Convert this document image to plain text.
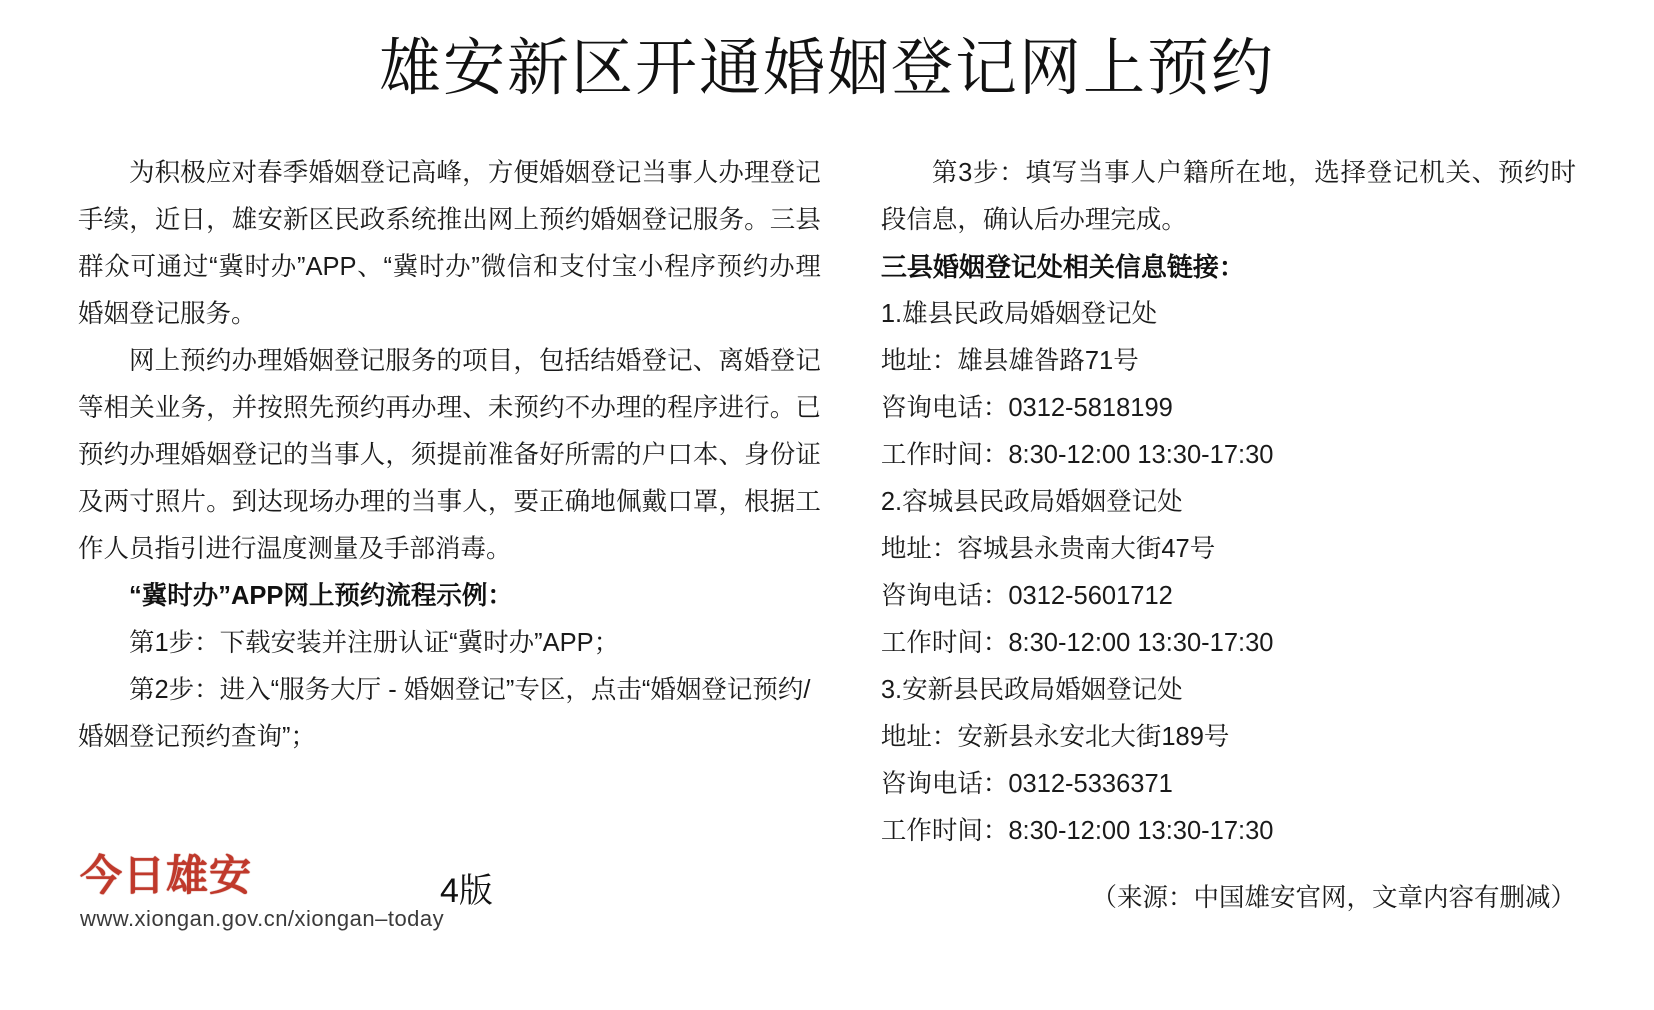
雄安新区开通婚姻登记网上预约

为积极应对春季婚姻登记高峰，方便婚姻登记当事人办理登记手续，近日，雄安新区民政系统推出网上预约婚姻登记服务。三县群众可通过“冀时办”APP、“冀时办”微信和支付宝小程序预约办理婚姻登记服务。

网上预约办理婚姻登记服务的项目，包括结婚登记、离婚登记等相关业务，并按照先预约再办理、未预约不办理的程序进行。已预约办理婚姻登记的当事人，须提前准备好所需的户口本、身份证及两寸照片。到达现场办理的当事人，要正确地佩戴口罩，根据工作人员指引进行温度测量及手部消毒。

“冀时办”APP网上预约流程示例：

第1步：下载安装并注册认证“冀时办”APP；

第2步：进入“服务大厅 - 婚姻登记”专区，点击“婚姻登记预约/婚姻登记预约查询”；

第3步：填写当事人户籍所在地，选择登记机关、预约时段信息，确认后办理完成。

三县婚姻登记处相关信息链接：

1.雄县民政局婚姻登记处

地址：雄县雄昝路71号

咨询电话：0312-5818199

工作时间：8:30-12:00 13:30-17:30

2.容城县民政局婚姻登记处

地址：容城县永贵南大街47号

咨询电话：0312-5601712

工作时间：8:30-12:00 13:30-17:30

3.安新县民政局婚姻登记处

地址：安新县永安北大街189号

咨询电话：0312-5336371

工作时间：8:30-12:00 13:30-17:30

（来源：中国雄安官网，文章内容有删减）
今日雄安
www.xiongan.gov.cn/xiongan–today
4版
